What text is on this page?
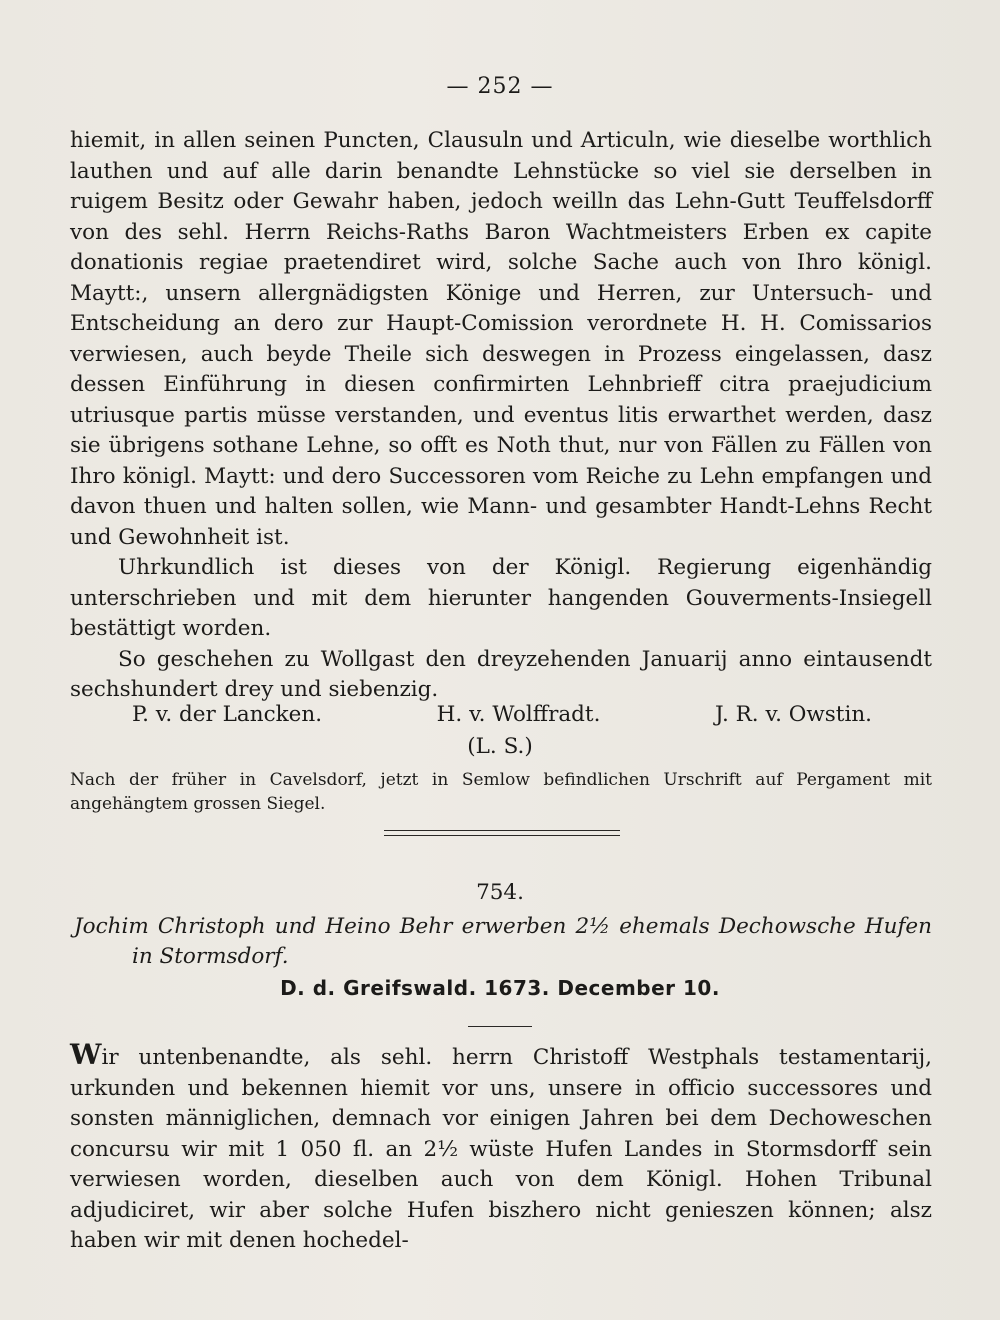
— 252 —

hiemit, in allen seinen Puncten, Clausuln und Articuln, wie dieselbe worthlich lauthen und auf alle darin benandte Lehnstücke so viel sie derselben in ruigem Besitz oder Gewahr haben, jedoch weilln das Lehn-Gutt Teuffelsdorff von des sehl. Herrn Reichs-Raths Baron Wachtmeisters Erben ex capite donationis regiae praetendiret wird, solche Sache auch von Ihro königl. Maytt:, unsern allergnädigsten Könige und Herren, zur Untersuch- und Entscheidung an dero zur Haupt-Comission verordnete H. H. Comissarios verwiesen, auch beyde Theile sich deswegen in Prozess eingelassen, dasz dessen Einführung in diesen confirmirten Lehnbrieff citra praejudicium utriusque partis müsse verstanden, und eventus litis erwarthet werden, dasz sie übrigens sothane Lehne, so offt es Noth thut, nur von Fällen zu Fällen von Ihro königl. Maytt: und dero Successoren vom Reiche zu Lehn empfangen und davon thuen und halten sollen, wie Mann- und gesambter Handt-Lehns Recht und Gewohnheit ist.

Uhrkundlich ist dieses von der Königl. Regierung eigenhändig unterschrieben und mit dem hierunter hangenden Gouverments-Insiegell bestättigt worden.

So geschehen zu Wollgast den dreyzehenden Januarij anno eintausendt sechshundert drey und siebenzig.

P. v. der Lancken.	H. v. Wolffradt.	J. R. v. Owstin.
(L. S.)
Nach der früher in Cavelsdorf, jetzt in Semlow befindlichen Urschrift auf Pergament mit angehängtem grossen Siegel.
754.
Jochim Christoph und Heino Behr erwerben 2½ ehemals Dechowsche Hufen in Stormsdorf.
D. d. Greifswald. 1673. December 10.

Wir untenbenandte, als sehl. herrn Christoff Westphals testamentarij, urkunden und bekennen hiemit vor uns, unsere in officio successores und sonsten männiglichen, demnach vor einigen Jahren bei dem Dechoweschen concursu wir mit 1 050 fl. an 2½ wüste Hufen Landes in Stormsdorff sein verwiesen worden, dieselben auch von dem Königl. Hohen Tribunal adjudiciret, wir aber solche Hufen biszhero nicht genieszen können; alsz haben wir mit denen hochedel-
